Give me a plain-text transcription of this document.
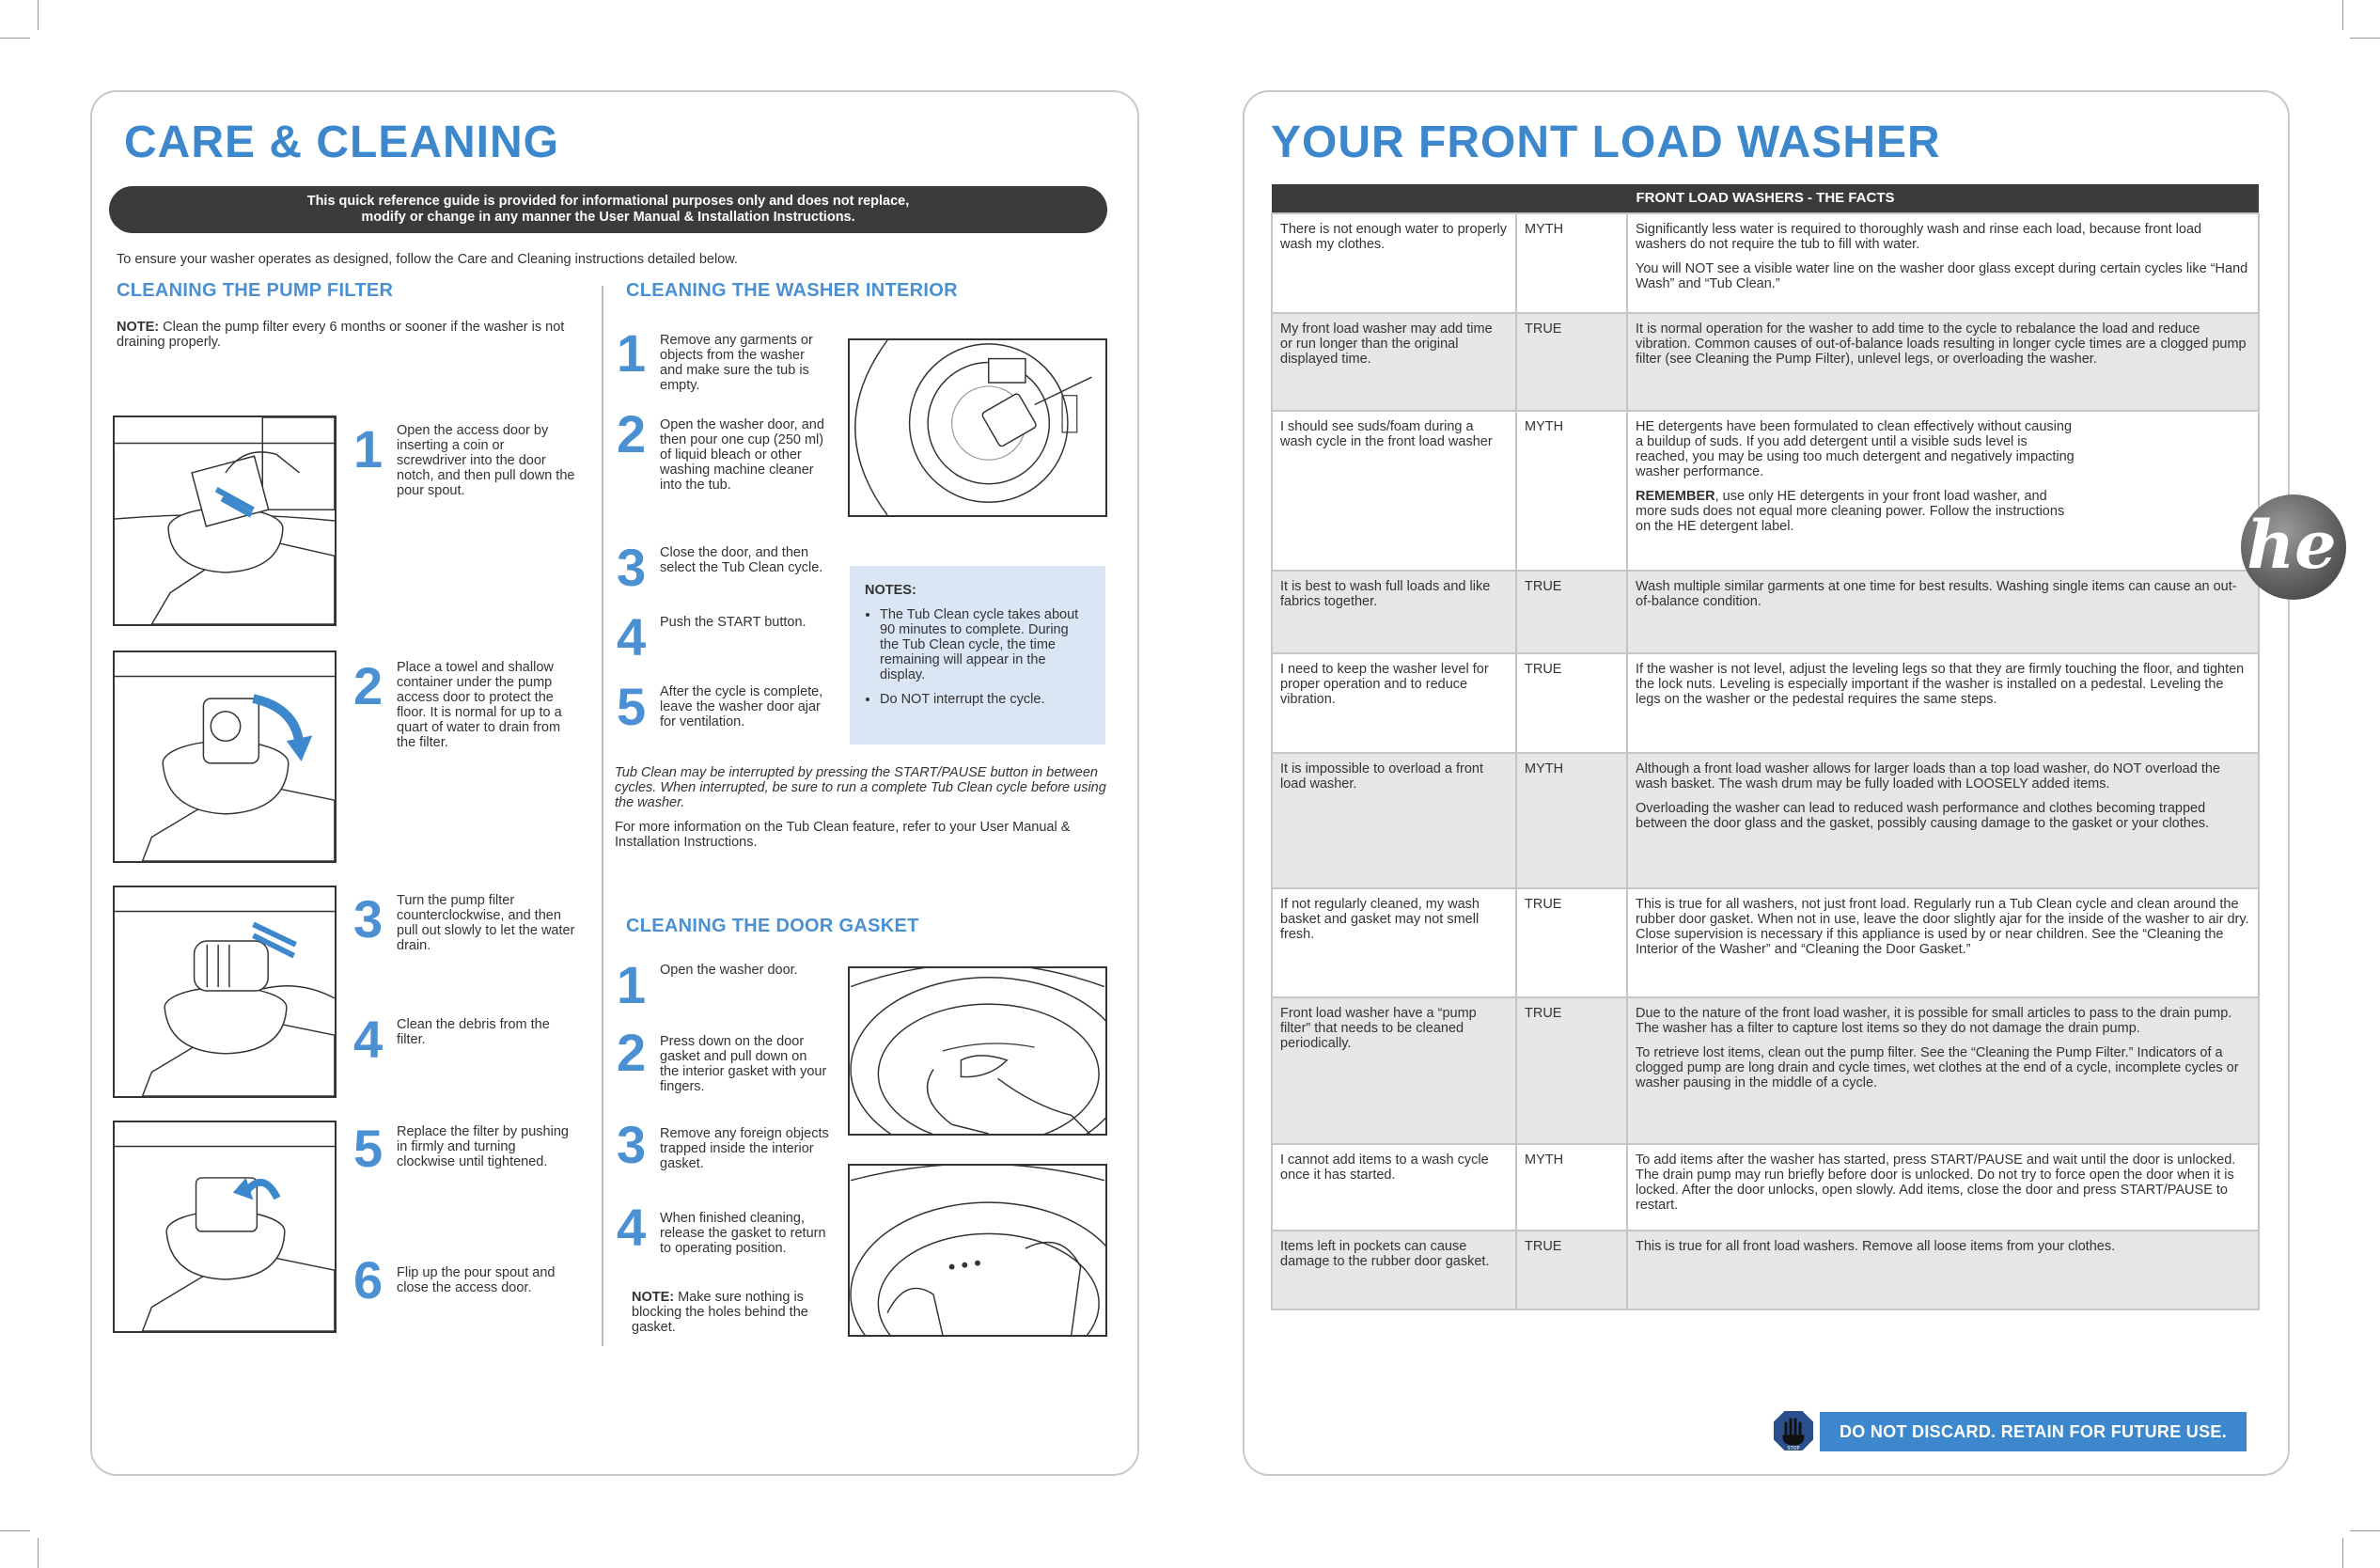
CARE & CLEANING
This quick reference guide is provided for informational purposes only and does not replace,
modify or change in any manner the User Manual & Installation Instructions.

To ensure your washer operates as designed, follow the Care and Cleaning instructions detailed below.

CLEANING THE PUMP FILTER

NOTE: Clean the pump filter every 6 months or sooner if the washer is not draining properly.

1 Open the access door by inserting a coin or screwdriver into the door notch, and then pull down the pour spout.

2 Place a towel and shallow container under the pump access door to protect the floor. It is normal for up to a quart of water to drain from the filter.

3 Turn the pump filter counterclockwise, and then pull out slowly to let the water drain.

4 Clean the debris from the filter.

5 Replace the filter by pushing in firmly and turning clockwise until tightened.

6 Flip up the pour spout and close the access door.

CLEANING THE WASHER INTERIOR
1 Remove any garments or objects from the washer and make sure the tub is empty.

2 Open the washer door, and then pour one cup (250 ml) of liquid bleach or other washing machine cleaner into the tub.

3 Close the door, and then select the Tub Clean cycle.

4 Push the START button.

5 After the cycle is complete, leave the washer door ajar for ventilation.

NOTES:
• The Tub Clean cycle takes about 90 minutes to complete. During the Tub Clean cycle, the time remaining will appear in the display.
• Do NOT interrupt the cycle.

Tub Clean may be interrupted by pressing the START/PAUSE button in between cycles. When interrupted, be sure to run a complete Tub Clean cycle before using the washer.

For more information on the Tub Clean feature, refer to your User Manual & Installation Instructions.

CLEANING THE DOOR GASKET
1 Open the washer door.

2 Press down on the door gasket and pull down on the interior gasket with your fingers.

3 Remove any foreign objects trapped inside the interior gasket.

4 When finished cleaning, release the gasket to return to operating position.

NOTE: Make sure nothing is blocking the holes behind the gasket.

YOUR FRONT LOAD WASHER
FRONT LOAD WASHERS - THE FACTS		
There is not enough water to properly wash my clothes.	MYTH	Significantly less water is required to thoroughly wash and rinse each load, because front load washers do not require the tub to fill with water.

You will NOT see a visible water line on the washer door glass except during certain cycles like “Hand Wash” and “Tub Clean.”

My front load washer may add time or run longer than the original displayed time.	TRUE	It is normal operation for the washer to add time to the cycle to rebalance the load and reduce vibration. Common causes of out-of-balance loads resulting in longer cycle times are a clogged pump filter (see Cleaning the Pump Filter), unlevel legs, or overloading the washer.

I should see suds/foam during a wash cycle in the front load washer	MYTH	HE detergents have been formulated to clean effectively without causing a buildup of suds. If you add detergent until a visible suds level is reached, you may be using too much detergent and negatively impacting washer performance.

REMEMBER, use only HE detergents in your front load washer, and more suds does not equal more cleaning power. Follow the instructions on the HE detergent label.

It is best to wash full loads and like fabrics together.	TRUE	Wash multiple similar garments at one time for best results. Washing single items can cause an out-of-balance condition.

I need to keep the washer level for proper operation and to reduce vibration.	TRUE	If the washer is not level, adjust the leveling legs so that they are firmly touching the floor, and tighten the lock nuts. Leveling is especially important if the washer is installed on a pedestal. Leveling the legs on the washer or the pedestal requires the same steps.

It is impossible to overload a front load washer.	MYTH	Although a front load washer allows for larger loads than a top load washer, do NOT overload the wash basket. The wash drum may be fully loaded with LOOSELY added items.

Overloading the washer can lead to reduced wash performance and clothes becoming trapped between the door glass and the gasket, possibly causing damage to the gasket or your clothes.

If not regularly cleaned, my wash basket and gasket may not smell fresh.	TRUE	This is true for all washers, not just front load. Regularly run a Tub Clean cycle and clean around the rubber door gasket. When not in use, leave the door slightly ajar for the inside of the washer to air dry. Close supervision is necessary if this appliance is used by or near children. See the “Cleaning the Interior of the Washer” and “Cleaning the Door Gasket.”

Front load washer have a “pump filter” that needs to be cleaned periodically.	TRUE	Due to the nature of the front load washer, it is possible for small articles to pass to the drain pump. The washer has a filter to capture lost items so they do not damage the drain pump.

To retrieve lost items, clean out the pump filter. See the “Cleaning the Pump Filter.” Indicators of a clogged pump are long drain and cycle times, wet clothes at the end of a cycle, incomplete cycles or washer pausing in the middle of a cycle.

I cannot add items to a wash cycle once it has started.	MYTH	To add items after the washer has started, press START/PAUSE and wait until the door is unlocked. The drain pump may run briefly before door is unlocked. Do not try to force open the door when it is locked. After the door unlocks, open slowly. Add items, close the door and press START/PAUSE to restart.

Items left in pockets can cause damage to the rubber door gasket.	TRUE	This is true for all front load washers. Remove all loose items from your clothes.

he
STOP
DO NOT DISCARD. RETAIN FOR FUTURE USE.
